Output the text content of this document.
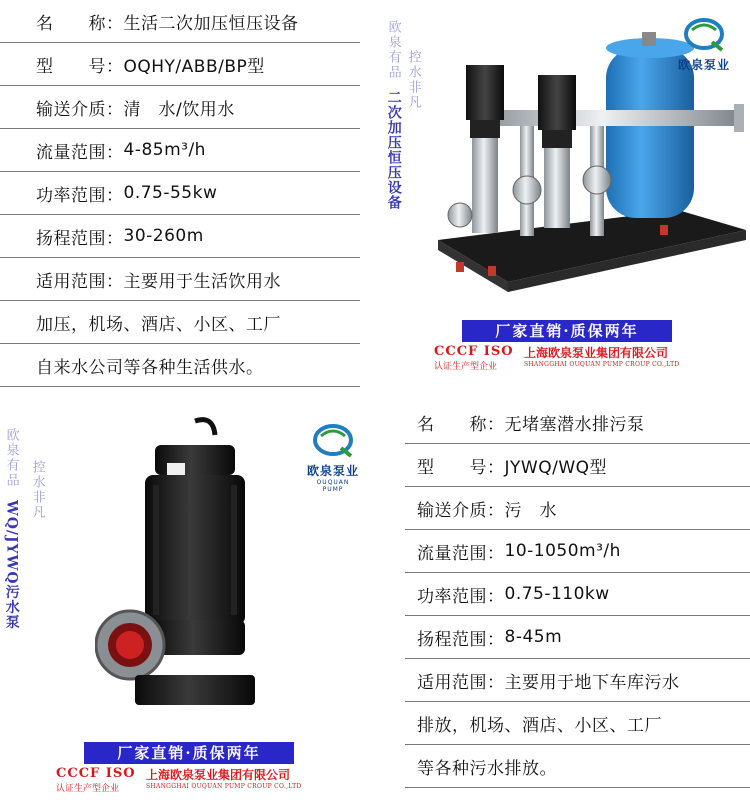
名　　称： 生活二次加压恒压设备
型　　号： OQHY/ABB/BP型
输送介质： 清　水/饮用水
流量范围： 4-85m³/h
功率范围： 0.75-55kw
扬程范围： 30-260m
适用范围： 主要用于生活饮用水
加压，机场、酒店、小区、工厂
自来水公司等各种生活供水。
欧泉有品 控水非凡
二次加压恒压设备
欧泉泵业
厂家直销·质保两年
CCCF ISO
认证生产型企业
上海欧泉泵业集团有限公司
SHANGGHAI OUQUAN PUMP CROUP CO.,LTD
欧泉有品
控水非凡
WQ/JYWQ污水泵
欧泉泵业
OUQUAN PUMP
厂家直销·质保两年
CCCF ISO
认证生产型企业
上海欧泉泵业集团有限公司
SHANGGHAI OUQUAN PUMP CROUP CO.,LTD
名　　称： 无堵塞潜水排污泵
型　　号： JYWQ/WQ型
输送介质： 污　水
流量范围： 10-1050m³/h
功率范围： 0.75-110kw
扬程范围： 8-45m
适用范围： 主要用于地下车库污水
排放，机场、酒店、小区、工厂
等各种污水排放。
